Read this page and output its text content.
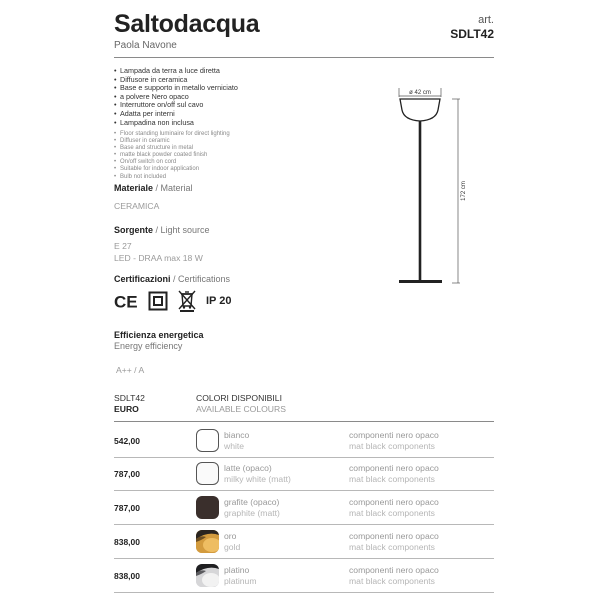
Saltodacqua
Paola Navone
art.
SDLT42
• Lampada da terra a luce diretta
• Diffusore in ceramica
• Base e supporto in metallo verniciato
• a polvere Nero opaco
• Interruttore on/off sul cavo
• Adatta per interni
• Lampadina non inclusa
• Floor standing luminaire for direct lighting
• Diffuser in ceramic
• Base and structure in metal
• matte black powder coated finish
• On/off switch on cord
• Suitable for indoor application
• Bulb not included
Materiale / Material
CERAMICA
Sorgente / Light source
E 27
LED - DRAA max 18 W
Certificazioni / Certifications
CE	IP 20
Efficienza energetica
Energy efficiency
A++ / A
ø 42 cm
172 cm
SDLT42
EURO
COLORI DISPONIBILI
AVAILABLE COLOURS
542,00
bianco
white
componenti nero opaco
mat black components
787,00
latte (opaco)
milky white (matt)
componenti nero opaco
mat black components
787,00
grafite (opaco)
graphite (matt)
componenti nero opaco
mat black components
838,00
oro
gold
componenti nero opaco
mat black components
838,00
platino
platinum
componenti nero opaco
mat black components
